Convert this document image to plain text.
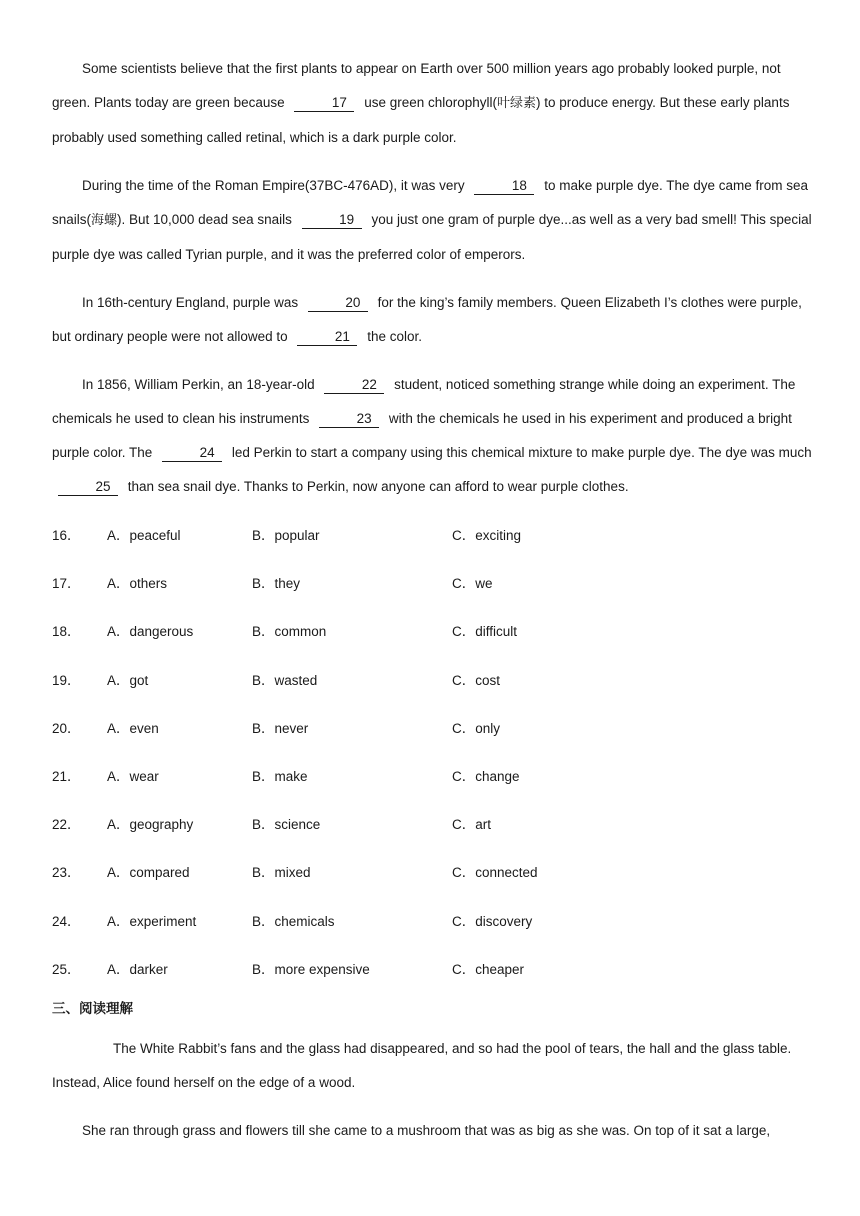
Some scientists believe that the first plants to appear on Earth over 500 million years ago probably looked purple, not green. Plants today are green because	17 use green chlorophyll(叶绿素) to produce energy. But these early plants probably used something called retinal, which is a dark purple color.

During the time of the Roman Empire(37BC-476AD), it was very	18 to make purple dye. The dye came from sea snails(海螺). But 10,000 dead sea snails	19 you just one gram of purple dye...as well as a very bad smell! This special purple dye was called Tyrian purple, and it was the preferred color of emperors.

In 16th-century England, purple was	20 for the king’s family members. Queen Elizabeth I’s clothes were purple, but ordinary people were not allowed to	21 the color.

In 1856, William Perkin, an 18-year-old	22 student, noticed something strange while doing an experiment. The chemicals he used to clean his instruments	23 with the chemicals he used in his experiment and produced a bright purple color. The	24 led Perkin to start a company using this chemical mixture to make purple dye. The dye was much 25 than sea snail dye. Thanks to Perkin, now anyone can afford to wear purple clothes.

16．	A．peaceful	B．popular	C．exciting
17．	A．others	B．they	C．we
18．	A．dangerous	B．common	C．difficult
19．	A．got	B．wasted	C．cost
20．	A．even	B．never	C．only
21．	A．wear	B．make	C．change
22．	A．geography	B．science	C．art
23．	A．compared	B．mixed	C．connected
24．	A．experiment	B．chemicals	C．discovery
25．	A．darker	B．more expensive	C．cheaper
三、阅读理解

The White Rabbit’s fans and the glass had disappeared, and so had the pool of tears, the hall and the glass table. Instead, Alice found herself on the edge of a wood.

She ran through grass and flowers till she came to a mushroom that was as big as she was. On top of it sat a large,
